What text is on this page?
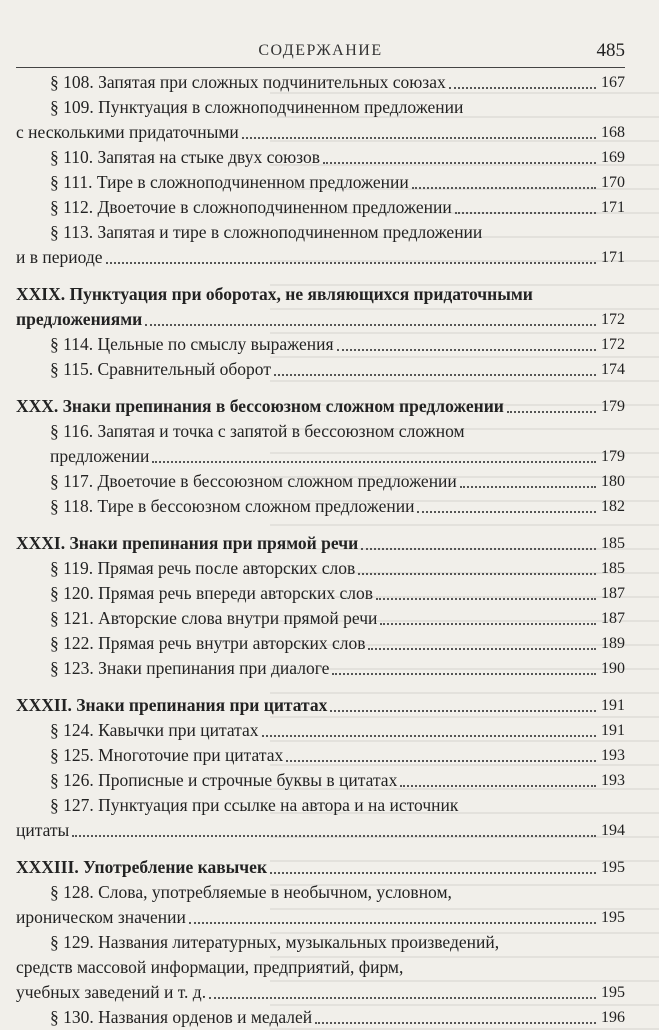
СОДЕРЖАНИЕ	485
§ 108. Запятая при сложных подчинительных союзах	167
§ 109. Пунктуация в сложноподчиненном предложении
с несколькими придаточными	168
§ 110. Запятая на стыке двух союзов	169
§ 111. Тире в сложноподчиненном предложении	170
§ 112. Двоеточие в сложноподчиненном предложении	171
§ 113. Запятая и тире в сложноподчиненном предложении
и в периоде	171
XXIX. Пунктуация при оборотах, не являющихся придаточными
предложениями	172
§ 114. Цельные по смыслу выражения	172
§ 115. Сравнительный оборот	174
XXX. Знаки препинания в бессоюзном сложном предложении	179
§ 116. Запятая и точка с запятой в бессоюзном сложном
предложении	179
§ 117. Двоеточие в бессоюзном сложном предложении	180
§ 118. Тире в бессоюзном сложном предложении	182
XXXI. Знаки препинания при прямой речи	185
§ 119. Прямая речь после авторских слов	185
§ 120. Прямая речь впереди авторских слов	187
§ 121. Авторские слова внутри прямой речи	187
§ 122. Прямая речь внутри авторских слов	189
§ 123. Знаки препинания при диалоге	190
XXXII. Знаки препинания при цитатах	191
§ 124. Кавычки при цитатах	191
§ 125. Многоточие при цитатах	193
§ 126. Прописные и строчные буквы в цитатах	193
§ 127. Пунктуация при ссылке на автора и на источник
цитаты	194
XXXIII. Употребление кавычек	195
§ 128. Слова, употребляемые в необычном, условном,
ироническом значении	195
§ 129. Названия литературных, музыкальных произведений,
средств массовой информации, предприятий, фирм,
учебных заведений и т. д.	195
§ 130. Названия орденов и медалей	196
